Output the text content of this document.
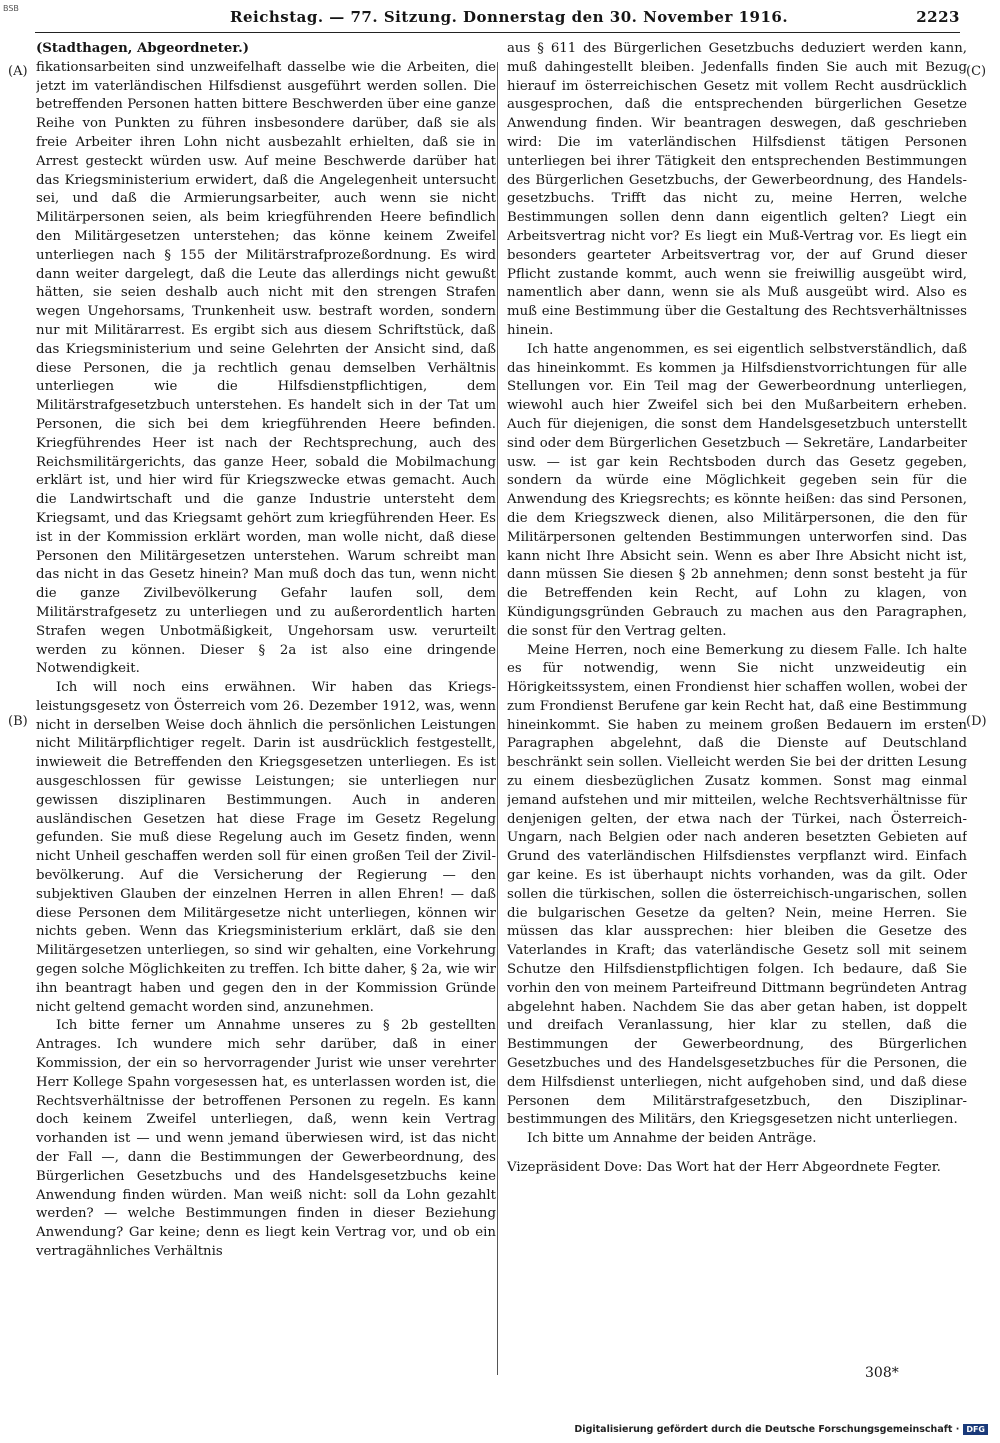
BSB	Reichstag. — 77. Sitzung. Donnerstag den 30. November 1916.	2223
(A)
(B)
(C)
(D)

(Stadthagen, Abgeordneter.)

fikationsarbeiten sind unzweifelhaft dasselbe wie die Arbeiten, die jetzt im vaterländischen Hilfsdienst ausgeführt werden sollen. Die betreffenden Personen hatten bittere Beschwerden über eine ganze Reihe von Punkten zu führen insbesondere darüber, daß sie als freie Arbeiter ihren Lohn nicht ausbezahlt erhielten, daß sie in Arrest gesteckt würden usw. Auf meine Beschwerde darüber hat das Kriegsministerium erwidert, daß die Angelegenheit untersucht sei, und daß die Armierungsarbeiter, auch wenn sie nicht Militärpersonen seien, als beim kriegführenden Heere befindlich den Militärgesetzen unterstehen; das könne keinem Zweifel unterliegen nach § 155 der Militärstrafprozeßordnung. Es wird dann weiter dargelegt, daß die Leute das allerdings nicht gewußt hätten, sie seien deshalb auch nicht mit den strengen Strafen wegen Ungehorsams, Trunkenheit usw. bestraft worden, sondern nur mit Militärarrest. Es ergibt sich aus diesem Schriftstück, daß das Kriegsministerium und seine Gelehrten der Ansicht sind, daß diese Personen, die ja rechtlich genau demselben Verhältnis unterliegen wie die Hilfsdienstpflichtigen, dem Militärstrafgesetzbuch unterstehen. Es handelt sich in der Tat um Personen, die sich bei dem kriegführenden Heere befinden. Kriegführendes Heer ist nach der Rechtsprechung, auch des Reichsmilitärgerichts, das ganze Heer, sobald die Mobilmachung erklärt ist, und hier wird für Kriegszwecke etwas gemacht. Auch die Landwirtschaft und die ganze Industrie untersteht dem Kriegsamt, und das Kriegsamt gehört zum kriegführenden Heer. Es ist in der Kommission erklärt worden, man wolle nicht, daß diese Personen den Militärgesetzen unterstehen. Warum schreibt man das nicht in das Gesetz hinein? Man muß doch das tun, wenn nicht die ganze Zivilbevölkerung Gefahr laufen soll, dem Militärstrafgesetz zu unterliegen und zu außerordentlich harten Strafen wegen Unbotmäßigkeit, Ungehorsam usw. verurteilt werden zu können. Dieser § 2a ist also eine dringende Notwendigkeit.

Ich will noch eins erwähnen. Wir haben das Kriegsleistungsgesetz von Österreich vom 26. Dezember 1912, was, wenn nicht in derselben Weise doch ähnlich die persönlichen Leistungen nicht Militärpflichtiger regelt. Darin ist ausdrücklich festgestellt, inwieweit die Betreffenden den Kriegsgesetzen unterliegen. Es ist ausgeschlossen für gewisse Leistungen; sie unterliegen nur gewissen disziplinaren Bestimmungen. Auch in anderen ausländischen Gesetzen hat diese Frage im Gesetz Regelung gefunden. Sie muß diese Regelung auch im Gesetz finden, wenn nicht Unheil geschaffen werden soll für einen großen Teil der Zivilbevölkerung. Auf die Versicherung der Regierung — den subjektiven Glauben der einzelnen Herren in allen Ehren! — daß diese Personen dem Militärgesetze nicht unterliegen, können wir nichts geben. Wenn das Kriegsministerium erklärt, daß sie den Militärgesetzen unterliegen, so sind wir gehalten, eine Vorkehrung gegen solche Möglichkeiten zu treffen. Ich bitte daher, § 2a, wie wir ihn beantragt haben und gegen den in der Kommission Gründe nicht geltend gemacht worden sind, anzunehmen.

Ich bitte ferner um Annahme unseres zu § 2b gestellten Antrages. Ich wundere mich sehr darüber, daß in einer Kommission, der ein so hervorragender Jurist wie unser verehrter Herr Kollege Spahn vorgesessen hat, es unterlassen worden ist, die Rechtsverhältnisse der betroffenen Personen zu regeln. Es kann doch keinem Zweifel unterliegen, daß, wenn kein Vertrag vorhanden ist — und wenn jemand überwiesen wird, ist das nicht der Fall —, dann die Bestimmungen der Gewerbeordnung, des Bürgerlichen Gesetzbuchs und des Handelsgesetzbuchs keine Anwendung finden würden. Man weiß nicht: soll da Lohn gezahlt werden? — welche Bestimmungen finden in dieser Beziehung Anwendung? Gar keine; denn es liegt kein Vertrag vor, und ob ein vertragähnliches Verhältnis

aus § 611 des Bürgerlichen Gesetzbuchs deduziert werden kann, muß dahingestellt bleiben. Jedenfalls finden Sie auch mit Bezug hierauf im österreichischen Gesetz mit vollem Recht ausdrücklich ausgesprochen, daß die entsprechenden bürgerlichen Gesetze Anwendung finden. Wir beantragen deswegen, daß geschrieben wird: Die im vaterländischen Hilfsdienst tätigen Personen unterliegen bei ihrer Tätigkeit den entsprechenden Bestimmungen des Bürgerlichen Gesetzbuchs, der Gewerbeordnung, des Handelsgesetzbuchs. Trifft das nicht zu, meine Herren, welche Bestimmungen sollen denn dann eigentlich gelten? Liegt ein Arbeitsvertrag nicht vor? Es liegt ein Muß-Vertrag vor. Es liegt ein besonders gearteter Arbeitsvertrag vor, der auf Grund dieser Pflicht zustande kommt, auch wenn sie freiwillig ausgeübt wird, namentlich aber dann, wenn sie als Muß ausgeübt wird. Also es muß eine Bestimmung über die Gestaltung des Rechtsverhältnisses hinein.

Ich hatte angenommen, es sei eigentlich selbstverständlich, daß das hineinkommt. Es kommen ja Hilfsdienstvorrichtungen für alle Stellungen vor. Ein Teil mag der Gewerbeordnung unterliegen, wiewohl auch hier Zweifel sich bei den Mußarbeitern erheben. Auch für diejenigen, die sonst dem Handelsgesetzbuch unterstellt sind oder dem Bürgerlichen Gesetzbuch — Sekretäre, Landarbeiter usw. — ist gar kein Rechtsboden durch das Gesetz gegeben, sondern da würde eine Möglichkeit gegeben sein für die Anwendung des Kriegsrechts; es könnte heißen: das sind Personen, die dem Kriegszweck dienen, also Militärpersonen, die den für Militärpersonen geltenden Bestimmungen unterworfen sind. Das kann nicht Ihre Absicht sein. Wenn es aber Ihre Absicht nicht ist, dann müssen Sie diesen § 2b annehmen; denn sonst besteht ja für die Betreffenden kein Recht, auf Lohn zu klagen, von Kündigungsgründen Gebrauch zu machen aus den Paragraphen, die sonst für den Vertrag gelten.

Meine Herren, noch eine Bemerkung zu diesem Falle. Ich halte es für notwendig, wenn Sie nicht unzweideutig ein Hörigkeitssystem, einen Frondienst hier schaffen wollen, wobei der zum Frondienst Berufene gar kein Recht hat, daß eine Bestimmung hineinkommt. Sie haben zu meinem großen Bedauern im ersten Paragraphen abgelehnt, daß die Dienste auf Deutschland beschränkt sein sollen. Vielleicht werden Sie bei der dritten Lesung zu einem diesbezüglichen Zusatz kommen. Sonst mag einmal jemand aufstehen und mir mitteilen, welche Rechtsverhältnisse für denjenigen gelten, der etwa nach der Türkei, nach Österreich-Ungarn, nach Belgien oder nach anderen besetzten Gebieten auf Grund des vaterländischen Hilfsdienstes verpflanzt wird. Einfach gar keine. Es ist überhaupt nichts vorhanden, was da gilt. Oder sollen die türkischen, sollen die österreichisch-ungarischen, sollen die bulgarischen Gesetze da gelten? Nein, meine Herren. Sie müssen das klar aussprechen: hier bleiben die Gesetze des Vaterlandes in Kraft; das vaterländische Gesetz soll mit seinem Schutze den Hilfsdienstpflichtigen folgen. Ich bedaure, daß Sie vorhin den von meinem Parteifreund Dittmann begründeten Antrag abgelehnt haben. Nachdem Sie das aber getan haben, ist doppelt und dreifach Veranlassung, hier klar zu stellen, daß die Bestimmungen der Gewerbeordnung, des Bürgerlichen Gesetzbuches und des Handelsgesetzbuches für die Personen, die dem Hilfsdienst unterliegen, nicht aufgehoben sind, und daß diese Personen dem Militärstrafgesetzbuch, den Disziplinarbestimmungen des Militärs, den Kriegsgesetzen nicht unterliegen.

Ich bitte um Annahme der beiden Anträge.

Vizepräsident Dove: Das Wort hat der Herr Abgeordnete Fegter.

308*
Digitalisierung gefördert durch die Deutsche Forschungsgemeinschaft · DFG
